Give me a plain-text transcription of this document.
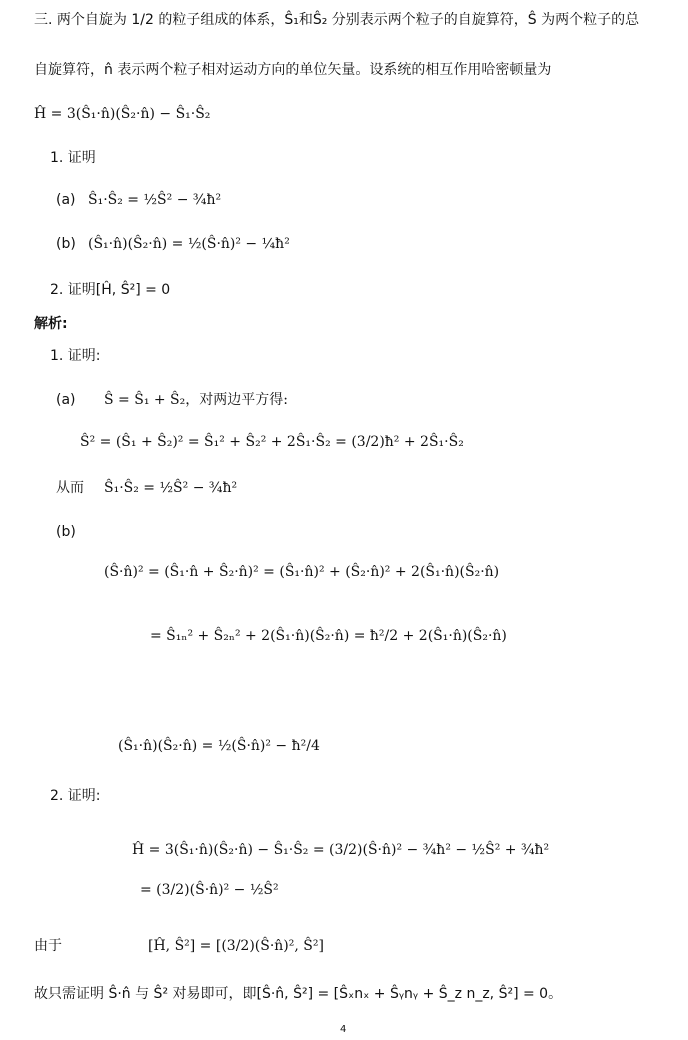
三. 两个自旋为 1/2 的粒子组成的体系，Ŝ₁和Ŝ₂ 分别表示两个粒子的自旋算符，Ŝ 为两个粒子的总
自旋算符，n̂ 表示两个粒子相对运动方向的单位矢量。设系统的相互作用哈密顿量为
Ĥ = 3(Ŝ₁·n̂)(Ŝ₂·n̂) − Ŝ₁·Ŝ₂
1. 证明
(a) Ŝ₁·Ŝ₂ = ½Ŝ² − ¾ħ²
(b) (Ŝ₁·n̂)(Ŝ₂·n̂) = ½(Ŝ·n̂)² − ¼ħ²
2. 证明[Ĥ, Ŝ²] = 0
解析:
1. 证明:
(a) Ŝ = Ŝ₁ + Ŝ₂，对两边平方得:
Ŝ² = (Ŝ₁ + Ŝ₂)² = Ŝ₁² + Ŝ₂² + 2Ŝ₁·Ŝ₂ = (3/2)ħ² + 2Ŝ₁·Ŝ₂
从而 Ŝ₁·Ŝ₂ = ½Ŝ² − ¾ħ²
(b)
(Ŝ·n̂)² = (Ŝ₁·n̂ + Ŝ₂·n̂)² = (Ŝ₁·n̂)² + (Ŝ₂·n̂)² + 2(Ŝ₁·n̂)(Ŝ₂·n̂)
= Ŝ₁ₙ² + Ŝ₂ₙ² + 2(Ŝ₁·n̂)(Ŝ₂·n̂) = ħ²/2 + 2(Ŝ₁·n̂)(Ŝ₂·n̂)
(Ŝ₁·n̂)(Ŝ₂·n̂) = ½(Ŝ·n̂)² − ħ²/4
2. 证明:
Ĥ = 3(Ŝ₁·n̂)(Ŝ₂·n̂) − Ŝ₁·Ŝ₂ = (3/2)(Ŝ·n̂)² − ¾ħ² − ½Ŝ² + ¾ħ²
= (3/2)(Ŝ·n̂)² − ½Ŝ²
由于	[Ĥ, Ŝ²] = [(3/2)(Ŝ·n̂)², Ŝ²]
故只需证明 Ŝ·n̂ 与 Ŝ² 对易即可，即[Ŝ·n̂, Ŝ²] = [Ŝₓnₓ + Ŝᵧnᵧ + Ŝ_z n_z, Ŝ²] = 0。
4
